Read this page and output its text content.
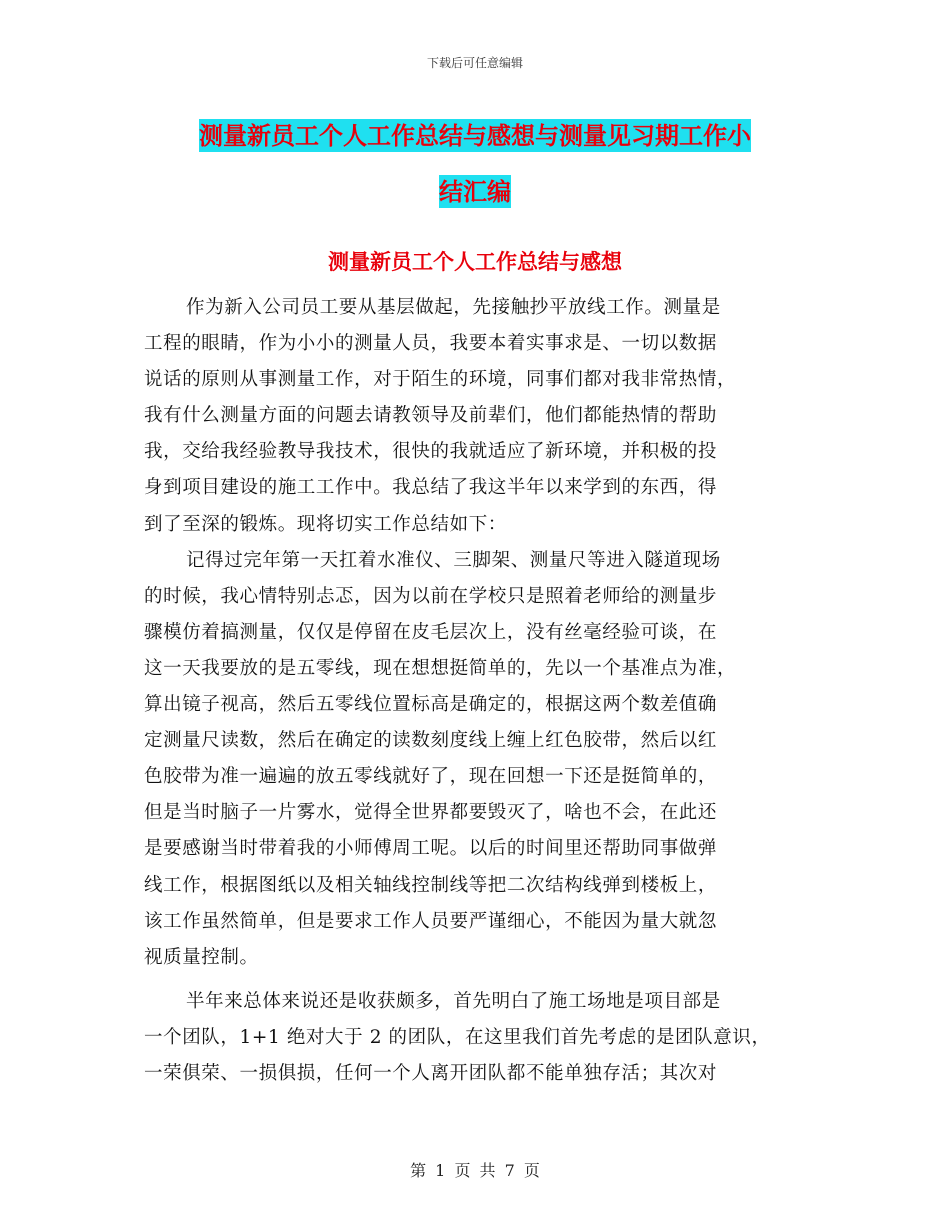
下载后可任意编辑
测量新员工个人工作总结与感想与测量见习期工作小
结汇编
测量新员工个人工作总结与感想
作为新入公司员工要从基层做起，先接触抄平放线工作。测量是
工程的眼睛，作为小小的测量人员，我要本着实事求是、一切以数据
说话的原则从事测量工作，对于陌生的环境，同事们都对我非常热情，
我有什么测量方面的问题去请教领导及前辈们，他们都能热情的帮助
我，交给我经验教导我技术，很快的我就适应了新环境，并积极的投
身到项目建设的施工工作中。我总结了我这半年以来学到的东西，得
到了至深的锻炼。现将切实工作总结如下：
记得过完年第一天扛着水准仪、三脚架、测量尺等进入隧道现场
的时候，我心情特别忐忑，因为以前在学校只是照着老师给的测量步
骤模仿着搞测量，仅仅是停留在皮毛层次上，没有丝毫经验可谈，在
这一天我要放的是五零线，现在想想挺简单的，先以一个基准点为准，
算出镜子视高，然后五零线位置标高是确定的，根据这两个数差值确
定测量尺读数，然后在确定的读数刻度线上缠上红色胶带，然后以红
色胶带为准一遍遍的放五零线就好了，现在回想一下还是挺简单的，
但是当时脑子一片雾水，觉得全世界都要毁灭了，啥也不会，在此还
是要感谢当时带着我的小师傅周工呢。以后的时间里还帮助同事做弹
线工作，根据图纸以及相关轴线控制线等把二次结构线弹到楼板上，
该工作虽然简单，但是要求工作人员要严谨细心，不能因为量大就忽
视质量控制。
半年来总体来说还是收获颇多，首先明白了施工场地是项目部是
一个团队，1+1 绝对大于 2 的团队，在这里我们首先考虑的是团队意识，
一荣俱荣、一损俱损，任何一个人离开团队都不能单独存活；其次对
第 1 页 共 7 页
